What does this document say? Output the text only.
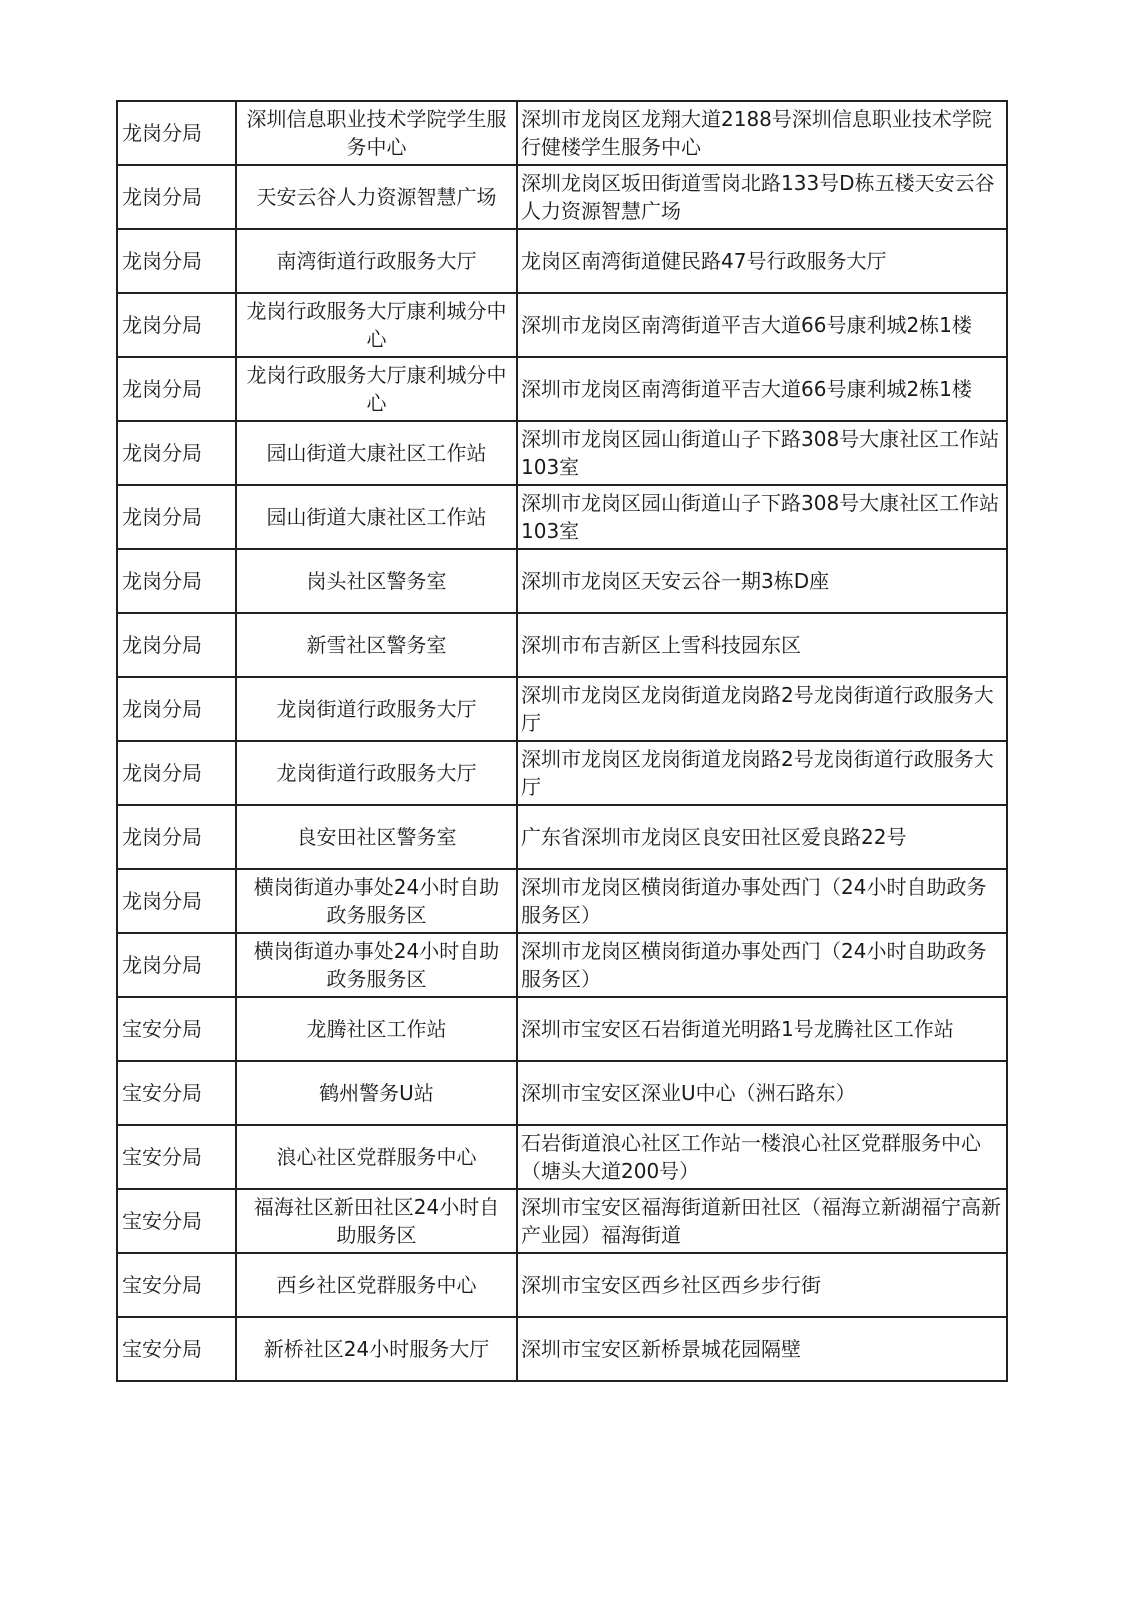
龙岗分局	深圳信息职业技术学院学生服务中心	深圳市龙岗区龙翔大道2188号深圳信息职业技术学院行健楼学生服务中心
龙岗分局	天安云谷人力资源智慧广场	深圳龙岗区坂田街道雪岗北路133号D栋五楼天安云谷人力资源智慧广场
龙岗分局	南湾街道行政服务大厅	龙岗区南湾街道健民路47号行政服务大厅
龙岗分局	龙岗行政服务大厅康利城分中心	深圳市龙岗区南湾街道平吉大道66号康利城2栋1楼
龙岗分局	龙岗行政服务大厅康利城分中心	深圳市龙岗区南湾街道平吉大道66号康利城2栋1楼
龙岗分局	园山街道大康社区工作站	深圳市龙岗区园山街道山子下路308号大康社区工作站103室
龙岗分局	园山街道大康社区工作站	深圳市龙岗区园山街道山子下路308号大康社区工作站103室
龙岗分局	岗头社区警务室	深圳市龙岗区天安云谷一期3栋D座
龙岗分局	新雪社区警务室	深圳市布吉新区上雪科技园东区
龙岗分局	龙岗街道行政服务大厅	深圳市龙岗区龙岗街道龙岗路2号龙岗街道行政服务大厅
龙岗分局	龙岗街道行政服务大厅	深圳市龙岗区龙岗街道龙岗路2号龙岗街道行政服务大厅
龙岗分局	良安田社区警务室	广东省深圳市龙岗区良安田社区爱良路22号
龙岗分局	横岗街道办事处24小时自助政务服务区	深圳市龙岗区横岗街道办事处西门（24小时自助政务服务区）
龙岗分局	横岗街道办事处24小时自助政务服务区	深圳市龙岗区横岗街道办事处西门（24小时自助政务服务区）
宝安分局	龙腾社区工作站	深圳市宝安区石岩街道光明路1号龙腾社区工作站
宝安分局	鹤州警务U站	深圳市宝安区深业U中心（洲石路东）
宝安分局	浪心社区党群服务中心	石岩街道浪心社区工作站一楼浪心社区党群服务中心（塘头大道200号）
宝安分局	福海社区新田社区24小时自助服务区	深圳市宝安区福海街道新田社区（福海立新湖福宁高新产业园）福海街道
宝安分局	西乡社区党群服务中心	深圳市宝安区西乡社区西乡步行街
宝安分局	新桥社区24小时服务大厅	深圳市宝安区新桥景城花园隔壁
